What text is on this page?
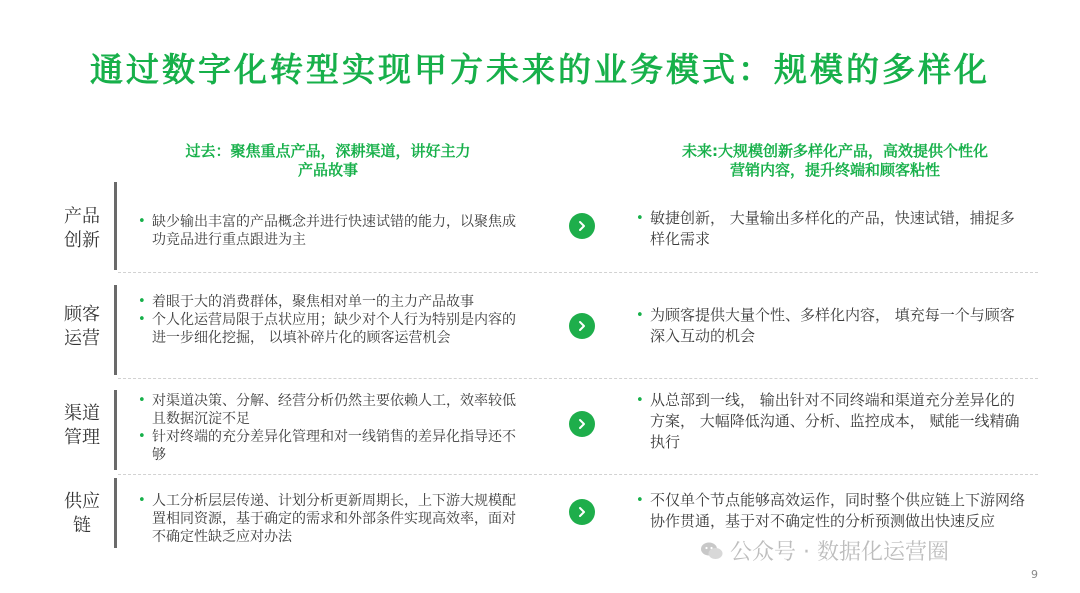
通过数字化转型实现甲方未来的业务模式：规模的多样化
过去：聚焦重点产品，深耕渠道，讲好主力
产品故事
未来:大规模创新多样化产品，高效提供个性化
营销内容，提升终端和顾客粘性
产品
创新
• 缺少输出丰富的产品概念并进行快速试错的能力，以聚焦成功竞品进行重点跟进为主
• 敏捷创新， 大量输出多样化的产品，快速试错，捕捉多样化需求
顾客
运营
• 着眼于大的消费群体，聚焦相对单一的主力产品故事
• 个人化运营局限于点状应用；缺少对个人行为特别是内容的进一步细化挖掘， 以填补碎片化的顾客运营机会
• 为顾客提供大量个性、多样化内容， 填充每一个与顾客深入互动的机会
渠道
管理
• 对渠道决策、分解、经营分析仍然主要依赖人工，效率较低且数据沉淀不足
• 针对终端的充分差异化管理和对一线销售的差异化指导还不够
• 从总部到一线， 输出针对不同终端和渠道充分差异化的方案， 大幅降低沟通、分析、监控成本， 赋能一线精确执行
供应
链
• 人工分析层层传递、计划分析更新周期长，上下游大规模配置相同资源，基于确定的需求和外部条件实现高效率，面对不确定性缺乏应对办法
• 不仅单个节点能够高效运作，同时整个供应链上下游网络协作贯通，基于对不确定性的分析预测做出快速反应
公众号 · 数据化运营圈
9
